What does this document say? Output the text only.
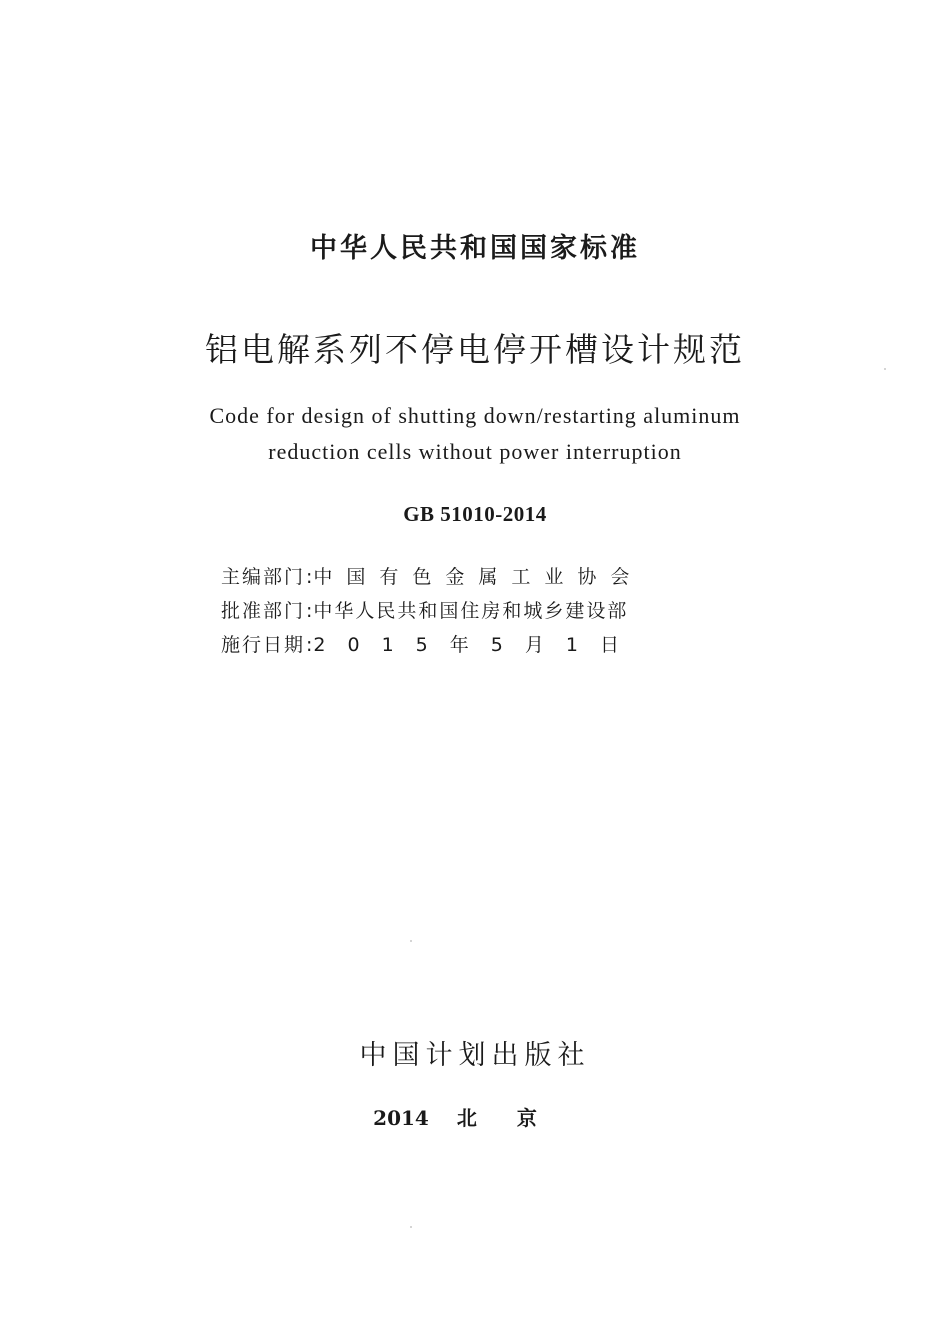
中华人民共和国国家标准
铝电解系列不停电停开槽设计规范
Code for design of shutting down/restarting aluminum
reduction cells without power interruption
GB 51010-2014
主编部门 : 中国有色金属工业协会
批准部门 : 中华人民共和国住房和城乡建设部
施行日期 : 2015年5月1日
中国计划出版社
2014 北京
